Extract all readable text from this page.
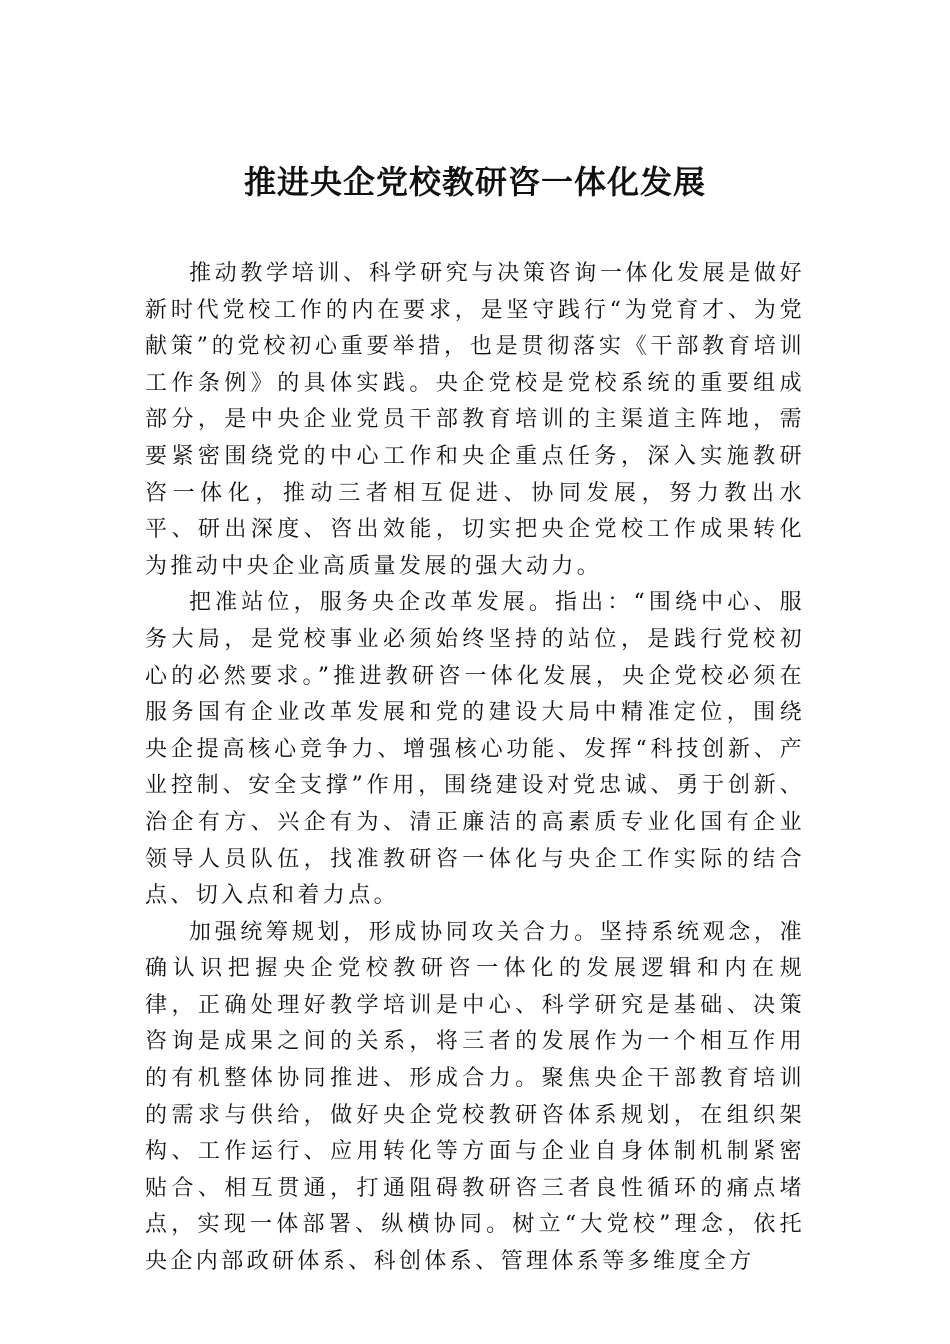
推进央企党校教研咨一体化发展

推动教学培训、科学研究与决策咨询一体化发展是做好新时代党校工作的内在要求，是坚守践行“为党育才、为党献策”的党校初心重要举措，也是贯彻落实《干部教育培训工作条例》的具体实践。央企党校是党校系统的重要组成部分，是中央企业党员干部教育培训的主渠道主阵地，需要紧密围绕党的中心工作和央企重点任务，深入实施教研咨一体化，推动三者相互促进、协同发展，努力教出水平、研出深度、咨出效能，切实把央企党校工作成果转化为推动中央企业高质量发展的强大动力。

把准站位，服务央企改革发展。指出：“围绕中心、服务大局，是党校事业必须始终坚持的站位，是践行党校初心的必然要求。”推进教研咨一体化发展，央企党校必须在服务国有企业改革发展和党的建设大局中精准定位，围绕央企提高核心竞争力、增强核心功能、发挥“科技创新、产业控制、安全支撑”作用，围绕建设对党忠诚、勇于创新、治企有方、兴企有为、清正廉洁的高素质专业化国有企业领导人员队伍，找准教研咨一体化与央企工作实际的结合点、切入点和着力点。

加强统筹规划，形成协同攻关合力。坚持系统观念，准确认识把握央企党校教研咨一体化的发展逻辑和内在规律，正确处理好教学培训是中心、科学研究是基础、决策咨询是成果之间的关系，将三者的发展作为一个相互作用的有机整体协同推进、形成合力。聚焦央企干部教育培训的需求与供给，做好央企党校教研咨体系规划，在组织架构、工作运行、应用转化等方面与企业自身体制机制紧密贴合、相互贯通，打通阻碍教研咨三者良性循环的痛点堵点，实现一体部署、纵横协同。树立“大党校”理念，依托央企内部政研体系、科创体系、管理体系等多维度全方
